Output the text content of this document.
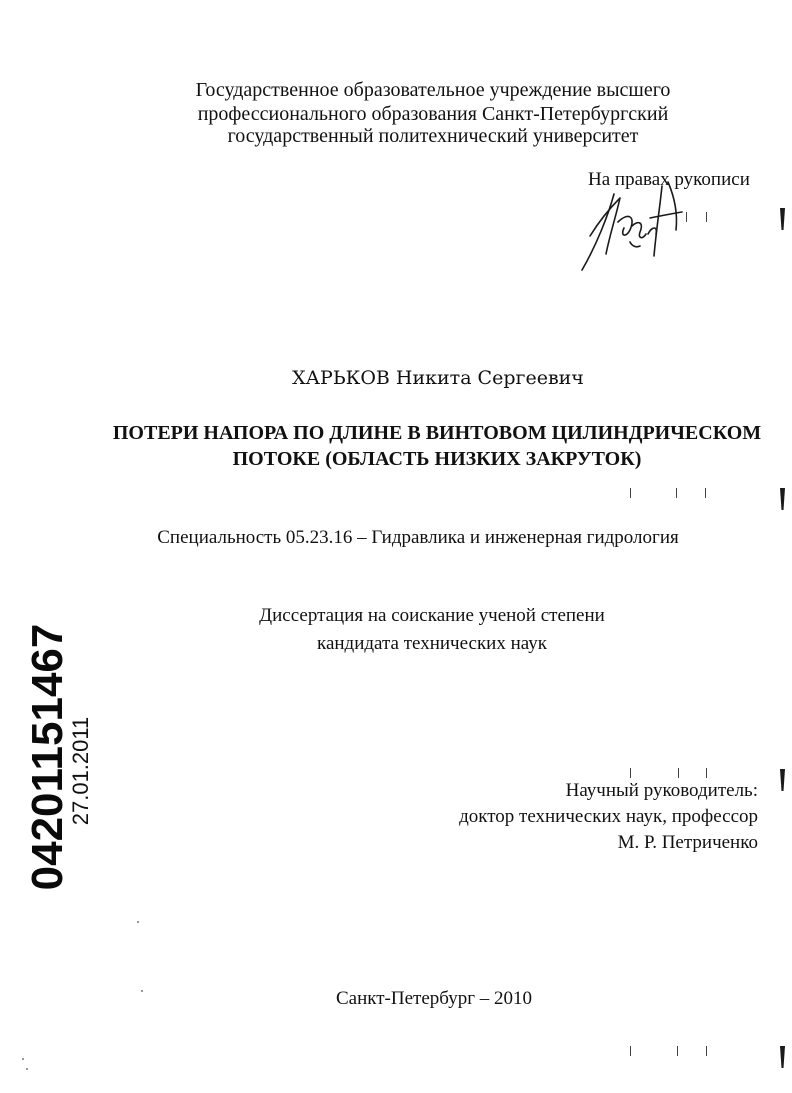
Государственное образовательное учреждение высшего
профессионального образования Санкт-Петербургский
государственный политехнический университет
На правах рукописи
ХАРЬКОВ Никита Сергеевич
ПОТЕРИ НАПОРА ПО ДЛИНЕ В ВИНТОВОМ ЦИЛИНДРИЧЕСКОМ
ПОТОКЕ (ОБЛАСТЬ НИЗКИХ ЗАКРУТОК)
Специальность 05.23.16 – Гидравлика и инженерная гидрология
Диссертация на соискание ученой степени
кандидата технических наук
Научный руководитель:
доктор технических наук, профессор
М. Р. Петриченко
Санкт-Петербург – 2010
04201151467
27.01.2011
